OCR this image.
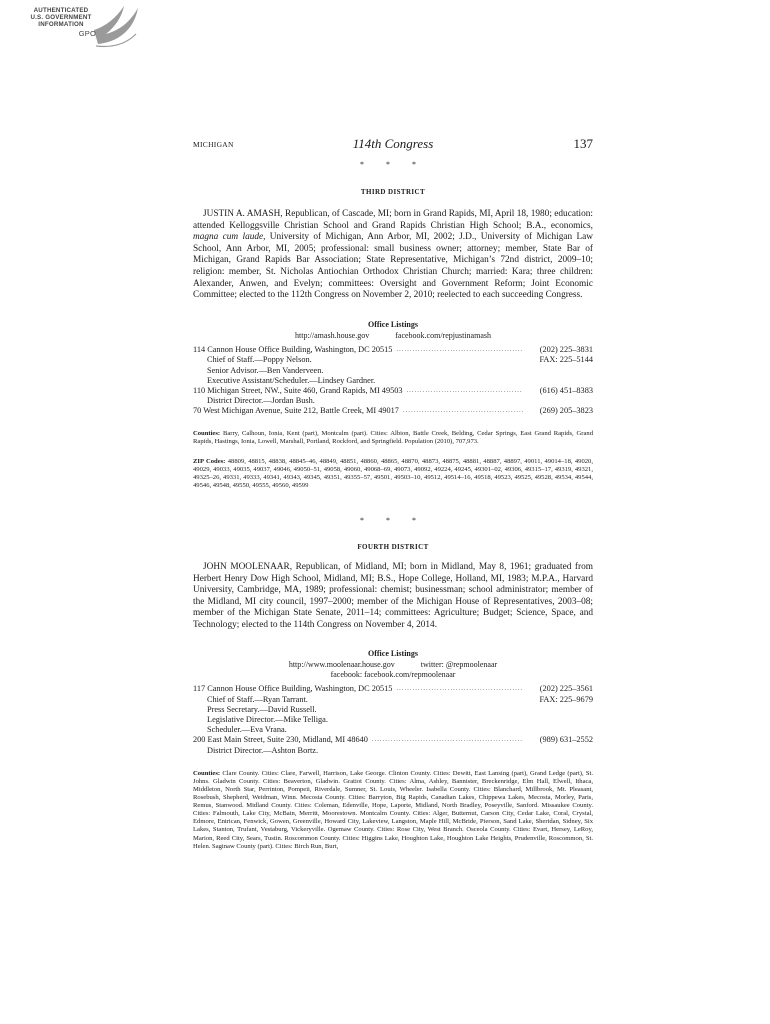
AUTHENTICATED
U.S. GOVERNMENT
INFORMATION
GPO
MICHIGAN	114th Congress	137
* * *
THIRD DISTRICT

JUSTIN A. AMASH, Republican, of Cascade, MI; born in Grand Rapids, MI, April 18, 1980; education: attended Kelloggsville Christian School and Grand Rapids Christian High School; B.A., economics, magna cum laude, University of Michigan, Ann Arbor, MI, 2002; J.D., University of Michigan Law School, Ann Arbor, MI, 2005; professional: small business owner; attorney; member, State Bar of Michigan, Grand Rapids Bar Association; State Representative, Michigan’s 72nd district, 2009–10; religion: member, St. Nicholas Antiochian Orthodox Christian Church; married: Kara; three children: Alexander, Anwen, and Evelyn; committees: Oversight and Government Reform; Joint Economic Committee; elected to the 112th Congress on November 2, 2010; reelected to each succeeding Congress.

Office Listings
http://amash.house.gov	facebook.com/repjustinamash
114 Cannon House Office Building, Washington, DC 20515 .....	(202) 225–3831
Chief of Staff.—Poppy Nelson.	FAX: 225–5144
Senior Advisor.—Ben Vanderveen.
Executive Assistant/Scheduler.—Lindsey Gardner.
110 Michigan Street, NW., Suite 460, Grand Rapids, MI 49503 .....	(616) 451–8383
District Director.—Jordan Bush.
70 West Michigan Avenue, Suite 212, Battle Creek, MI 49017 .....	(269) 205–3823

Counties: Barry, Calhoun, Ionia, Kent (part), Montcalm (part). Cities: Albion, Battle Creek, Belding, Cedar Springs, East Grand Rapids, Grand Rapids, Hastings, Ionia, Lowell, Marshall, Portland, Rockford, and Springfield. Population (2010), 707,973.

ZIP Codes: 48809, 48815, 48838, 48845–46, 48849, 48851, 48860, 48865, 48870, 48873, 48875, 48881, 48887, 48897, 49011, 49014–18, 49020, 49029, 49033, 49035, 49037, 49046, 49050–51, 49058, 49060, 49068–69, 49073, 49092, 49224, 49245, 49301–02, 49306, 49315–17, 49319, 49321, 49325–26, 49331, 49333, 49341, 49343, 49345, 49351, 49355–57, 49501, 49503–10, 49512, 49514–16, 49518, 49523, 49525, 49528, 49534, 49544, 49546, 49548, 49550, 49555, 49560, 49599

* * *
FOURTH DISTRICT

JOHN MOOLENAAR, Republican, of Midland, MI; born in Midland, May 8, 1961; graduated from Herbert Henry Dow High School, Midland, MI; B.S., Hope College, Holland, MI, 1983; M.P.A., Harvard University, Cambridge, MA, 1989; professional: chemist; businessman; school administrator; member of the Midland, MI city council, 1997–2000; member of the Michigan House of Representatives, 2003–08; member of the Michigan State Senate, 2011–14; committees: Agriculture; Budget; Science, Space, and Technology; elected to the 114th Congress on November 4, 2014.

Office Listings
http://www.moolenaar.house.gov	twitter: @repmoolenaar
facebook: facebook.com/repmoolenaar
117 Cannon House Office Building, Washington, DC 20515 .....	(202) 225–3561
Chief of Staff.—Ryan Tarrant.	FAX: 225–9679
Press Secretary.—David Russell.
Legislative Director.—Mike Telliga.
Scheduler.—Eva Vrana.
200 East Main Street, Suite 230, Midland, MI 48640 .....	(989) 631–2552
District Director.—Ashton Bortz.

Counties: Clare County. Cities: Clare, Farwell, Harrison, Lake George. Clinton County. Cities: Dewitt, East Lansing (part), Grand Ledge (part), St. Johns. Gladwin County. Cities: Beaverton, Gladwin. Gratiot County. Cities: Alma, Ashley, Bannister, Breckenridge, Elm Hall, Elwell, Ithaca, Middleton, North Star, Perrinton, Pompeii, Riverdale, Sumner, St. Louis, Wheeler. Isabella County. Cities: Blanchard, Millbrook, Mt. Pleasant, Rosebush, Shepherd, Weidman, Winn. Mecosta County. Cities: Barryton, Big Rapids, Canadian Lakes, Chippewa Lakes, Mecosta, Morley, Paris, Remus, Stanwood. Midland County. Cities: Coleman, Edenville, Hope, Laporte, Midland, North Bradley, Poseyville, Sanford. Missaukee County. Cities: Falmouth, Lake City, McBain, Merritt, Moorestown. Montcalm County. Cities: Alger, Butternut, Carson City, Cedar Lake, Coral, Crystal, Edmore, Entrican, Fenwick, Gowen, Greenville, Howard City, Lakeview, Langston, Maple Hill, McBride, Pierson, Sand Lake, Sheridan, Sidney, Six Lakes, Stanton, Trufant, Vestaburg, Vickeryville. Ogemaw County. Cities: Rose City, West Branch. Osceola County. Cities: Evart, Hersey, LeRoy, Marion, Reed City, Sears, Tustin. Roscommon County. Cities: Higgins Lake, Houghton Lake, Houghton Lake Heights, Prudenville, Roscommon, St. Helen. Saginaw County (part). Cities: Birch Run, Burt,
